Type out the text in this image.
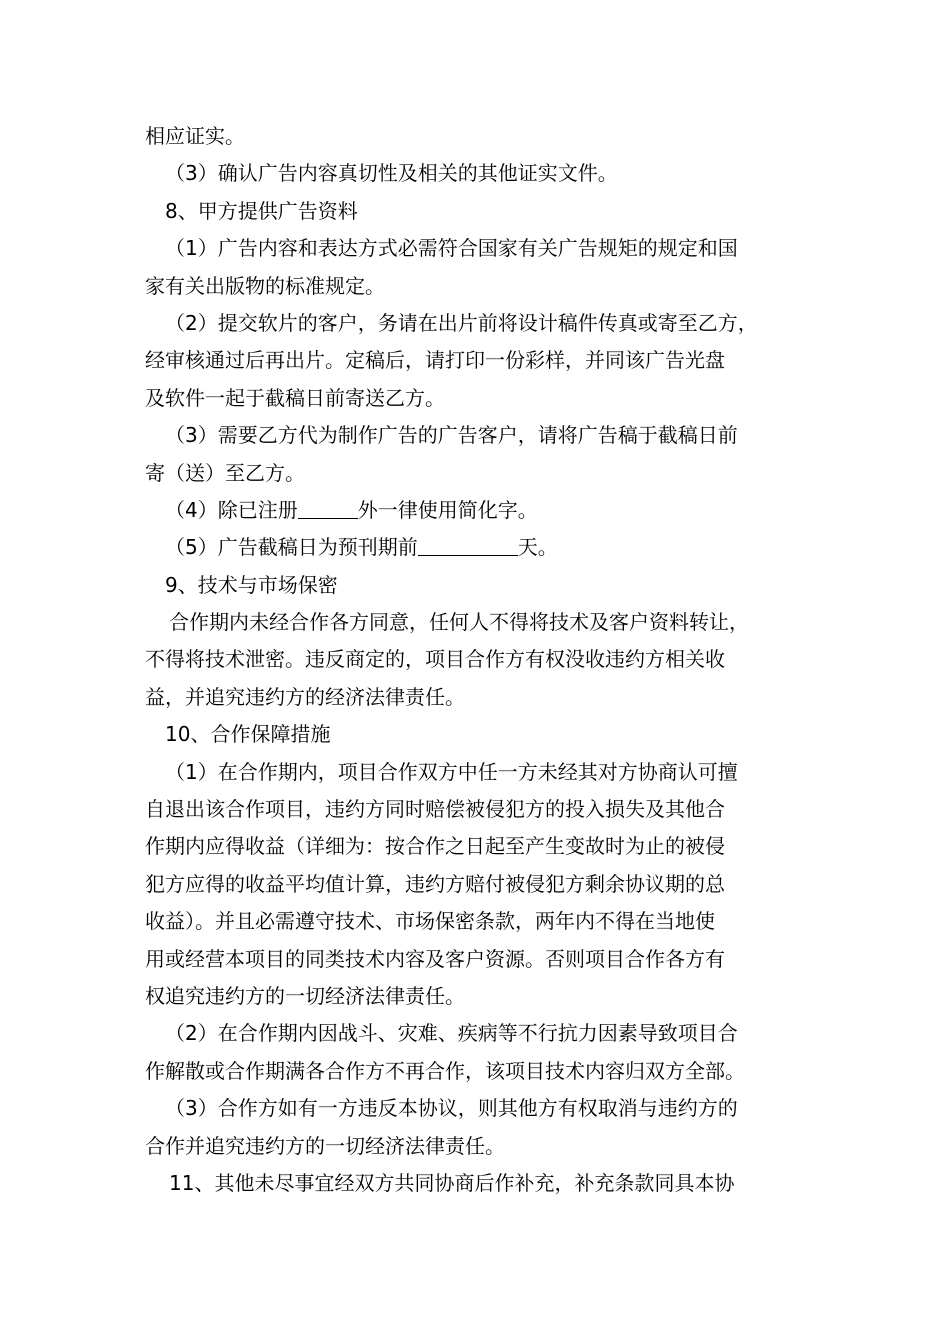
相应证实。
（3）确认广告内容真切性及相关的其他证实文件。
8、甲方提供广告资料
（1）广告内容和表达方式必需符合国家有关广告规矩的规定和国
家有关出版物的标准规定。
（2）提交软片的客户，务请在出片前将设计稿件传真或寄至乙方，
经审核通过后再出片。定稿后，请打印一份彩样，并同该广告光盘
及软件一起于截稿日前寄送乙方。
（3）需要乙方代为制作广告的广告客户，请将广告稿于截稿日前
寄（送）至乙方。
（4）除已注册	外一律使用简化字。
（5）广告截稿日为预刊期前	天。
9、技术与市场保密
合作期内未经合作各方同意，任何人不得将技术及客户资料转让，
不得将技术泄密。违反商定的，项目合作方有权没收违约方相关收
益，并追究违约方的经济法律责任。
10、合作保障措施
（1）在合作期内，项目合作双方中任一方未经其对方协商认可擅
自退出该合作项目，违约方同时赔偿被侵犯方的投入损失及其他合
作期内应得收益（详细为：按合作之日起至产生变故时为止的被侵
犯方应得的收益平均值计算，违约方赔付被侵犯方剩余协议期的总
收益）。并且必需遵守技术、市场保密条款，两年内不得在当地使
用或经营本项目的同类技术内容及客户资源。否则项目合作各方有
权追究违约方的一切经济法律责任。
（2）在合作期内因战斗、灾难、疾病等不行抗力因素导致项目合
作解散或合作期满各合作方不再合作，该项目技术内容归双方全部。
（3）合作方如有一方违反本协议，则其他方有权取消与违约方的
合作并追究违约方的一切经济法律责任。
11、其他未尽事宜经双方共同协商后作补充，补充条款同具本协
